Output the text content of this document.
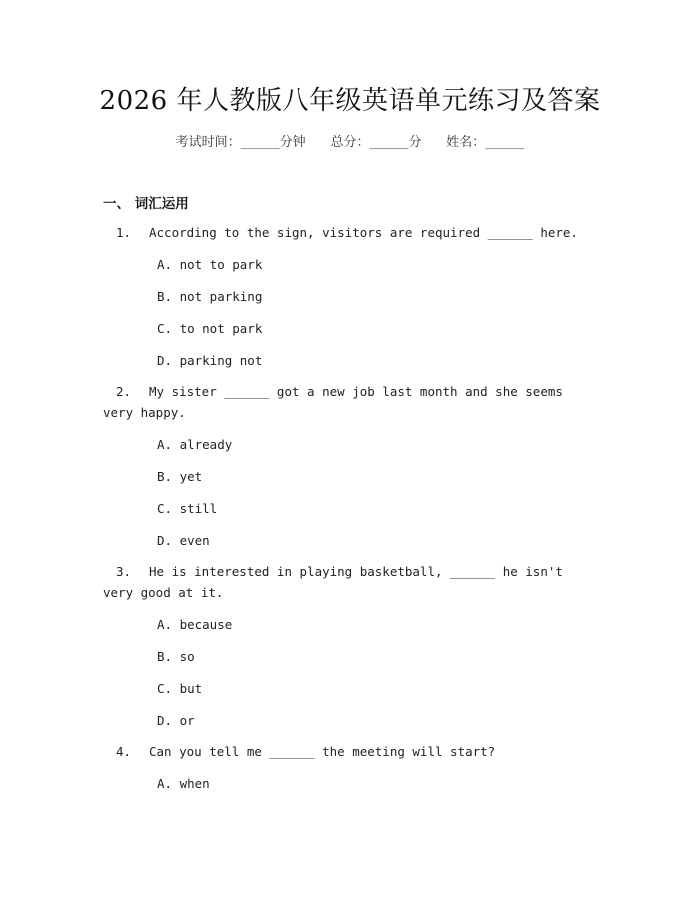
2026 年人教版八年级英语单元练习及答案
考试时间：______分钟 总分：______分 姓名：______
一、 词汇运用
1. According to the sign, visitors are required ______ here.
A. not to park
B. not parking
C. to not park
D. parking not
2. My sister ______ got a new job last month and she seems very happy.
A. already
B. yet
C. still
D. even
3. He is interested in playing basketball, ______ he isn't very good at it.
A. because
B. so
C. but
D. or
4. Can you tell me ______ the meeting will start?
A. when
